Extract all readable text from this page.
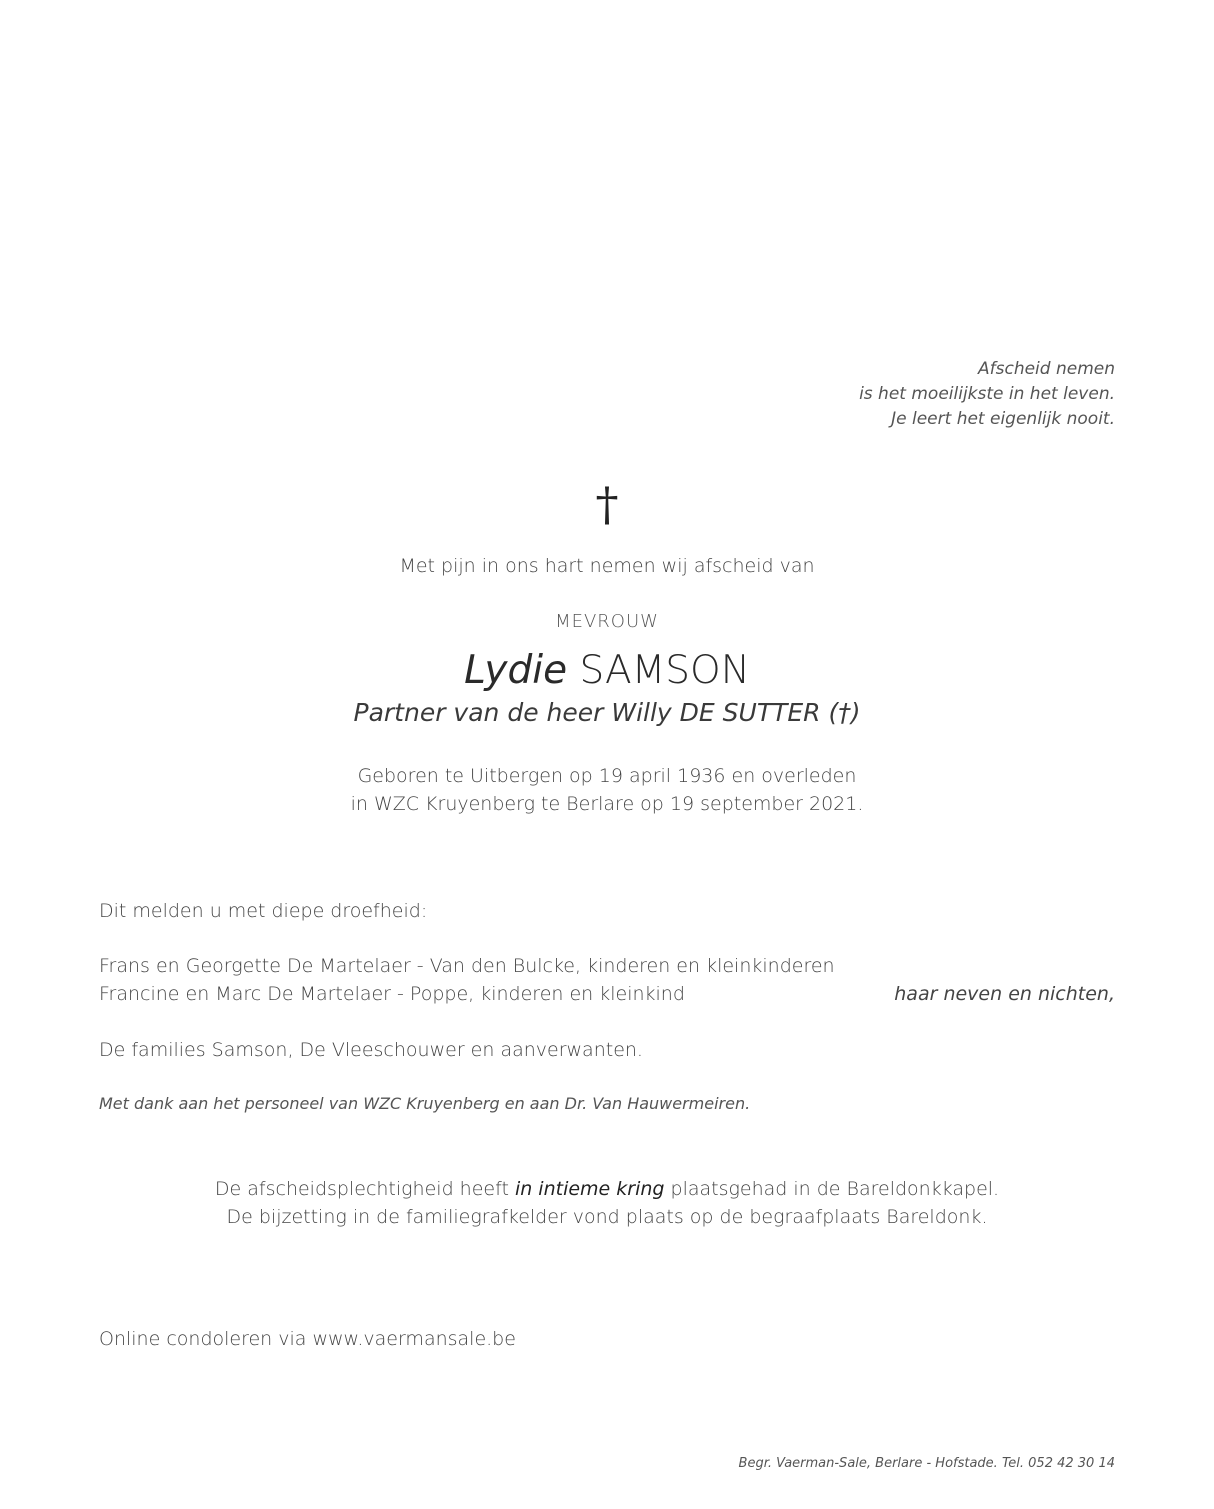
Afscheid nemen
is het moeilijkste in het leven.
Je leert het eigenlijk nooit.
†
Met pijn in ons hart nemen wij afscheid van
MEVROUW
Lydie SAMSON
Partner van de heer Willy DE SUTTER (†)
Geboren te Uitbergen op 19 april 1936 en overleden
in WZC Kruyenberg te Berlare op 19 september 2021.
Dit melden u met diepe droefheid:
Frans en Georgette De Martelaer - Van den Bulcke, kinderen en kleinkinderen
Francine en Marc De Martelaer - Poppe, kinderen en kleinkind	haar neven en nichten,
De families Samson, De Vleeschouwer en aanverwanten.
Met dank aan het personeel van WZC Kruyenberg en aan Dr. Van Hauwermeiren.
De afscheidsplechtigheid heeft in intieme kring plaatsgehad in de Bareldonkkapel.
De bijzetting in de familiegrafkelder vond plaats op de begraafplaats Bareldonk.
Online condoleren via www.vaermansale.be
Begr. Vaerman-Sale, Berlare - Hofstade. Tel. 052 42 30 14
